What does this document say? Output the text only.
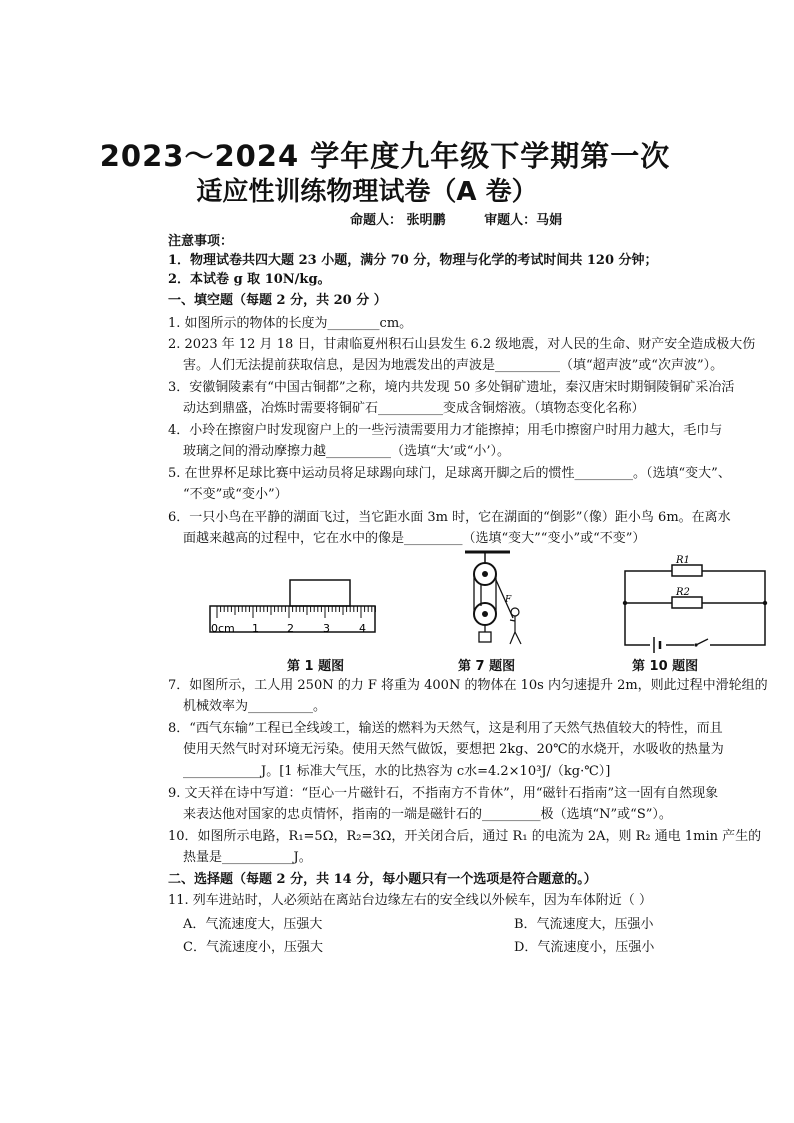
2023～2024 学年度九年级下学期第一次
适应性训练物理试卷（A 卷）
命题人： 张明鹏	审题人：马娟
注意事项：
1．物理试卷共四大题 23 小题，满分 70 分，物理与化学的考试时间共 120 分钟；
2．本试卷 g 取 10N/kg。
一、填空题（每题 2 分，共 20 分 ）
1. 如图所示的物体的长度为________cm。
2. 2023 年 12 月 18 日，甘肃临夏州积石山县发生 6.2 级地震，对人民的生命、财产安全造成极大伤
害。人们无法提前获取信息，是因为地震发出的声波是__________（填“超声波”或“次声波”）。
3．安徽铜陵素有“中国古铜都”之称，境内共发现 50 多处铜矿遗址，秦汉唐宋时期铜陵铜矿采冶活
动达到鼎盛，冶炼时需要将铜矿石__________变成含铜熔液。（填物态变化名称）
4．小玲在擦窗户时发现窗户上的一些污渍需要用力才能擦掉；用毛巾擦窗户时用力越大，毛巾与
玻璃之间的滑动摩擦力越__________（选填“大’或“小’）。
5. 在世界杯足球比赛中运动员将足球踢向球门，足球离开脚之后的惯性_________。（选填“变大”、
“不变”或“变小”）
6．一只小鸟在平静的湖面飞过，当它距水面 3m 时，它在湖面的“倒影”（像）距小鸟 6m。在离水
面越来越高的过程中，它在水中的像是_________（选填“变大”“变小”或“不变”）
0cm 1	2	3	4
F
R1
R2
第 1 题图	第 7 题图	第 10 题图
7．如图所示，工人用 250N 的力 F 将重为 400N 的物体在 10s 内匀速提升 2m，则此过程中滑轮组的
机械效率为__________。
8．“西气东输”工程已全线竣工，输送的燃料为天然气，这是利用了天然气热值较大的特性，而且
使用天然气时对环境无污染。使用天然气做饭，要想把 2kg、20℃的水烧开，水吸收的热量为
____________J。[1 标准大气压，水的比热容为 c水=4.2×10³J/（kg·℃）]
9. 文天祥在诗中写道：“臣心一片磁针石，不指南方不肯休”，用“磁针石指南”这一固有自然现象
来表达他对国家的忠贞情怀，指南的一端是磁针石的_________极（选填“N”或“S”）。
10．如图所示电路，R₁=5Ω，R₂=3Ω，开关闭合后，通过 R₁ 的电流为 2A，则 R₂ 通电 1min 产生的
热量是___________J。
二、选择题（每题 2 分，共 14 分，每小题只有一个选项是符合题意的。）
11. 列车进站时，人必须站在离站台边缘左右的安全线以外候车，因为车体附近（ ）
A．气流速度大，压强大	B．气流速度大，压强小
C．气流速度小，压强大	D．气流速度小，压强小
